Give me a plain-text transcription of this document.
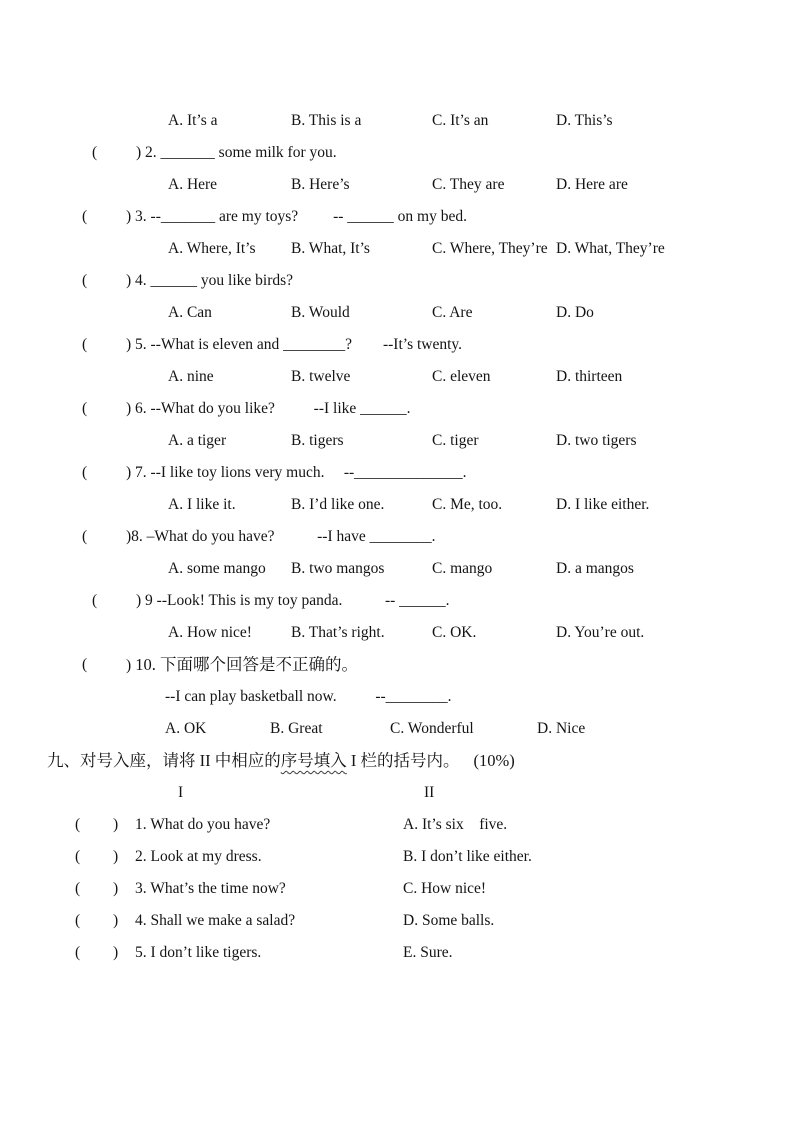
A. It’s a	B. This is a	C. It’s an	D. This’s
(	) 2. _______ some milk for you.
A. Here	B. Here’s	C. They are	D. Here are
(	) 3. --_______ are my toys?         -- ______ on my bed.
A. Where, It’s B. What, It’s	C. Where, They’re D. What, They’re
(	) 4. ______ you like birds?
A. Can	B. Would	C. Are	D. Do
(	) 5. --What is eleven and ________?        --It’s twenty.
A. nine	B. twelve	C. eleven	D. thirteen
(	) 6. --What do you like?          --I like ______.
A. a tiger	B. tigers	C. tiger	D. two tigers
(	) 7. --I like toy lions very much.     --______________.
A. I like it.	B. I’d like one.	C. Me, too.	D. I like either.
(	)8. –What do you have?           --I have ________.
A. some mango B. two mangos	C. mango	D. a mangos
(	) 9 --Look! This is my toy panda.           -- ______.
A. How nice!	B. That’s right.	C. OK.	D. You’re out.
(	) 10. 下面哪个回答是不正确的。
--I can play basketball now.          --________.
A. OK	B. Great	C. Wonderful	D. Nice
九、对号入座，请将 II 中相应的序号填入 I 栏的括号内。 (10%)
I	II
( ) 1. What do you have?	A. It’s six    five.
( ) 2. Look at my dress.	B. I don’t like either.
( ) 3. What’s the time now?	C. How nice!
( ) 4. Shall we make a salad?	D. Some balls.
( ) 5. I don’t like tigers.	E. Sure.
